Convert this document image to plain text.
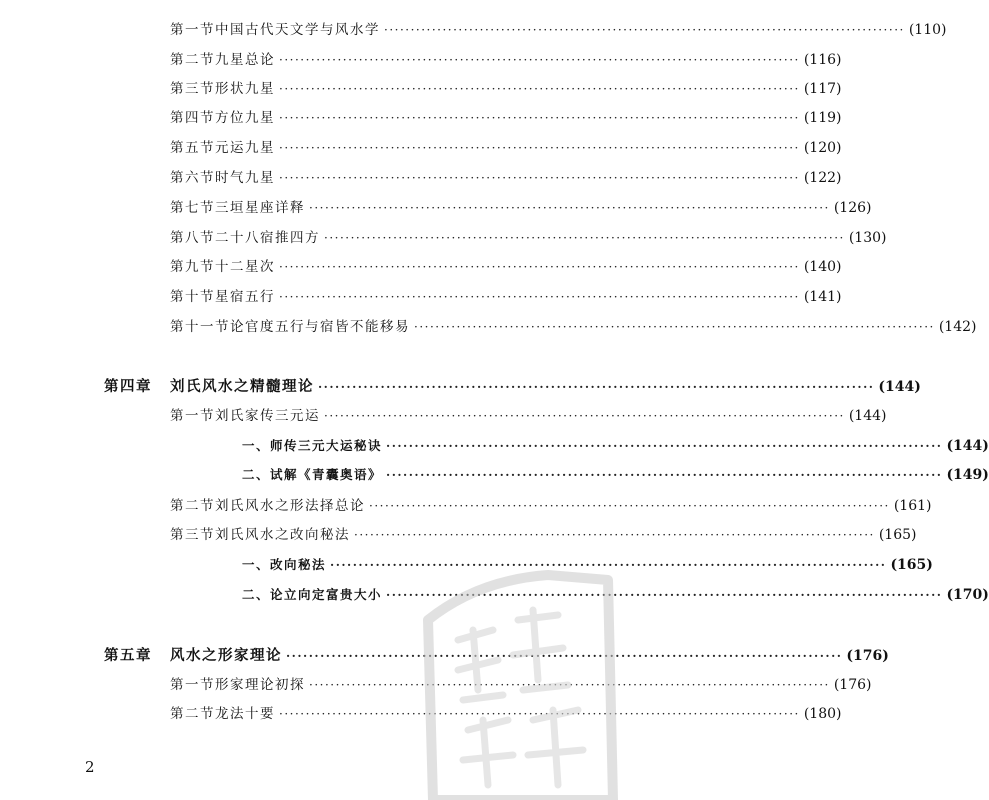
第一节 中国古代天文学与风水学 ·································································································· (110)
第二节 九星总论 ·································································································· (116)
第三节 形状九星 ·································································································· (117)
第四节 方位九星 ·································································································· (119)
第五节 元运九星 ·································································································· (120)
第六节 时气九星 ·································································································· (122)
第七节 三垣星座详释 ·································································································· (126)
第八节 二十八宿推四方 ·································································································· (130)
第九节 十二星次 ·································································································· (140)
第十节 星宿五行 ·································································································· (141)
第十一节 论官度五行与宿皆不能移易 ·································································································· (142)
第四章 刘氏风水之精髓理论 ·································································································· (144)
第一节 刘氏家传三元运 ·································································································· (144)
一、师传三元大运秘诀 ·································································································· (144)
二、试解《青囊奥语》 ·································································································· (149)
第二节 刘氏风水之形法择总论 ·································································································· (161)
第三节 刘氏风水之改向秘法 ·································································································· (165)
一、改向秘法 ·································································································· (165)
二、论立向定富贵大小 ·································································································· (170)
第五章 风水之形家理论 ·································································································· (176)
第一节 形家理论初探 ·································································································· (176)
第二节 龙法十要 ·································································································· (180)
2
